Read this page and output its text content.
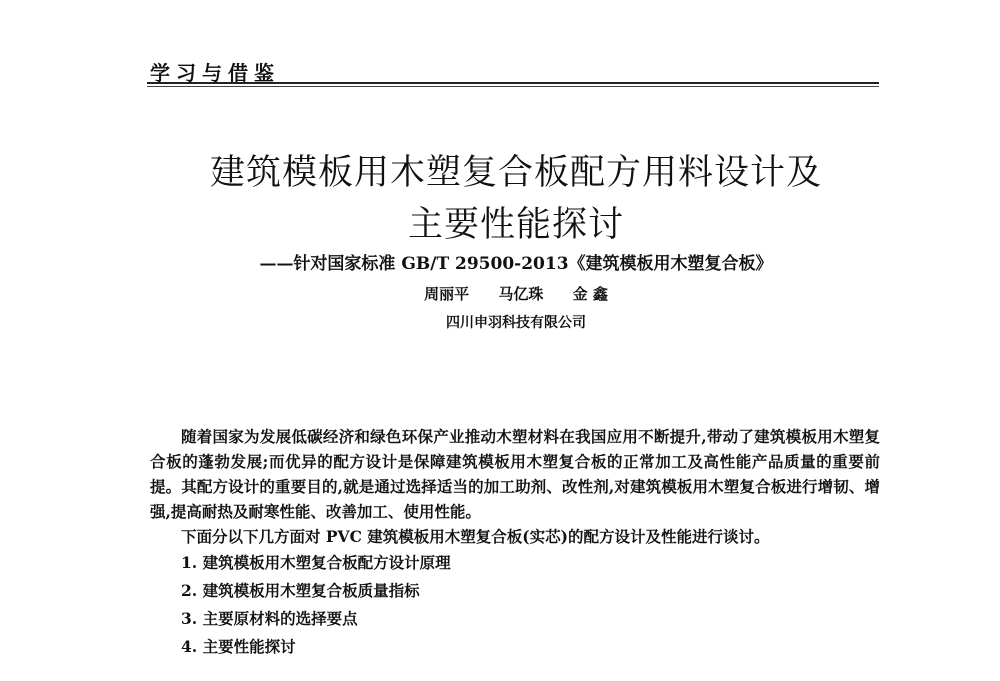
学习与借鉴
建筑模板用木塑复合板配方用料设计及
主要性能探讨
——针对国家标准 GB/T 29500-2013《建筑模板用木塑复合板》
周丽平 马亿珠 金 鑫
四川申羽科技有限公司

随着国家为发展低碳经济和绿色环保产业推动木塑材料在我国应用不断提升,带动了建筑模板用木塑复合板的蓬勃发展;而优异的配方设计是保障建筑模板用木塑复合板的正常加工及高性能产品质量的重要前提。其配方设计的重要目的,就是通过选择适当的加工助剂、改性剂,对建筑模板用木塑复合板进行增韧、增强,提高耐热及耐寒性能、改善加工、使用性能。

下面分以下几方面对 PVC 建筑模板用木塑复合板(实芯)的配方设计及性能进行谈讨。

1. 建筑模板用木塑复合板配方设计原理
2. 建筑模板用木塑复合板质量指标
3. 主要原材料的选择要点
4. 主要性能探讨
